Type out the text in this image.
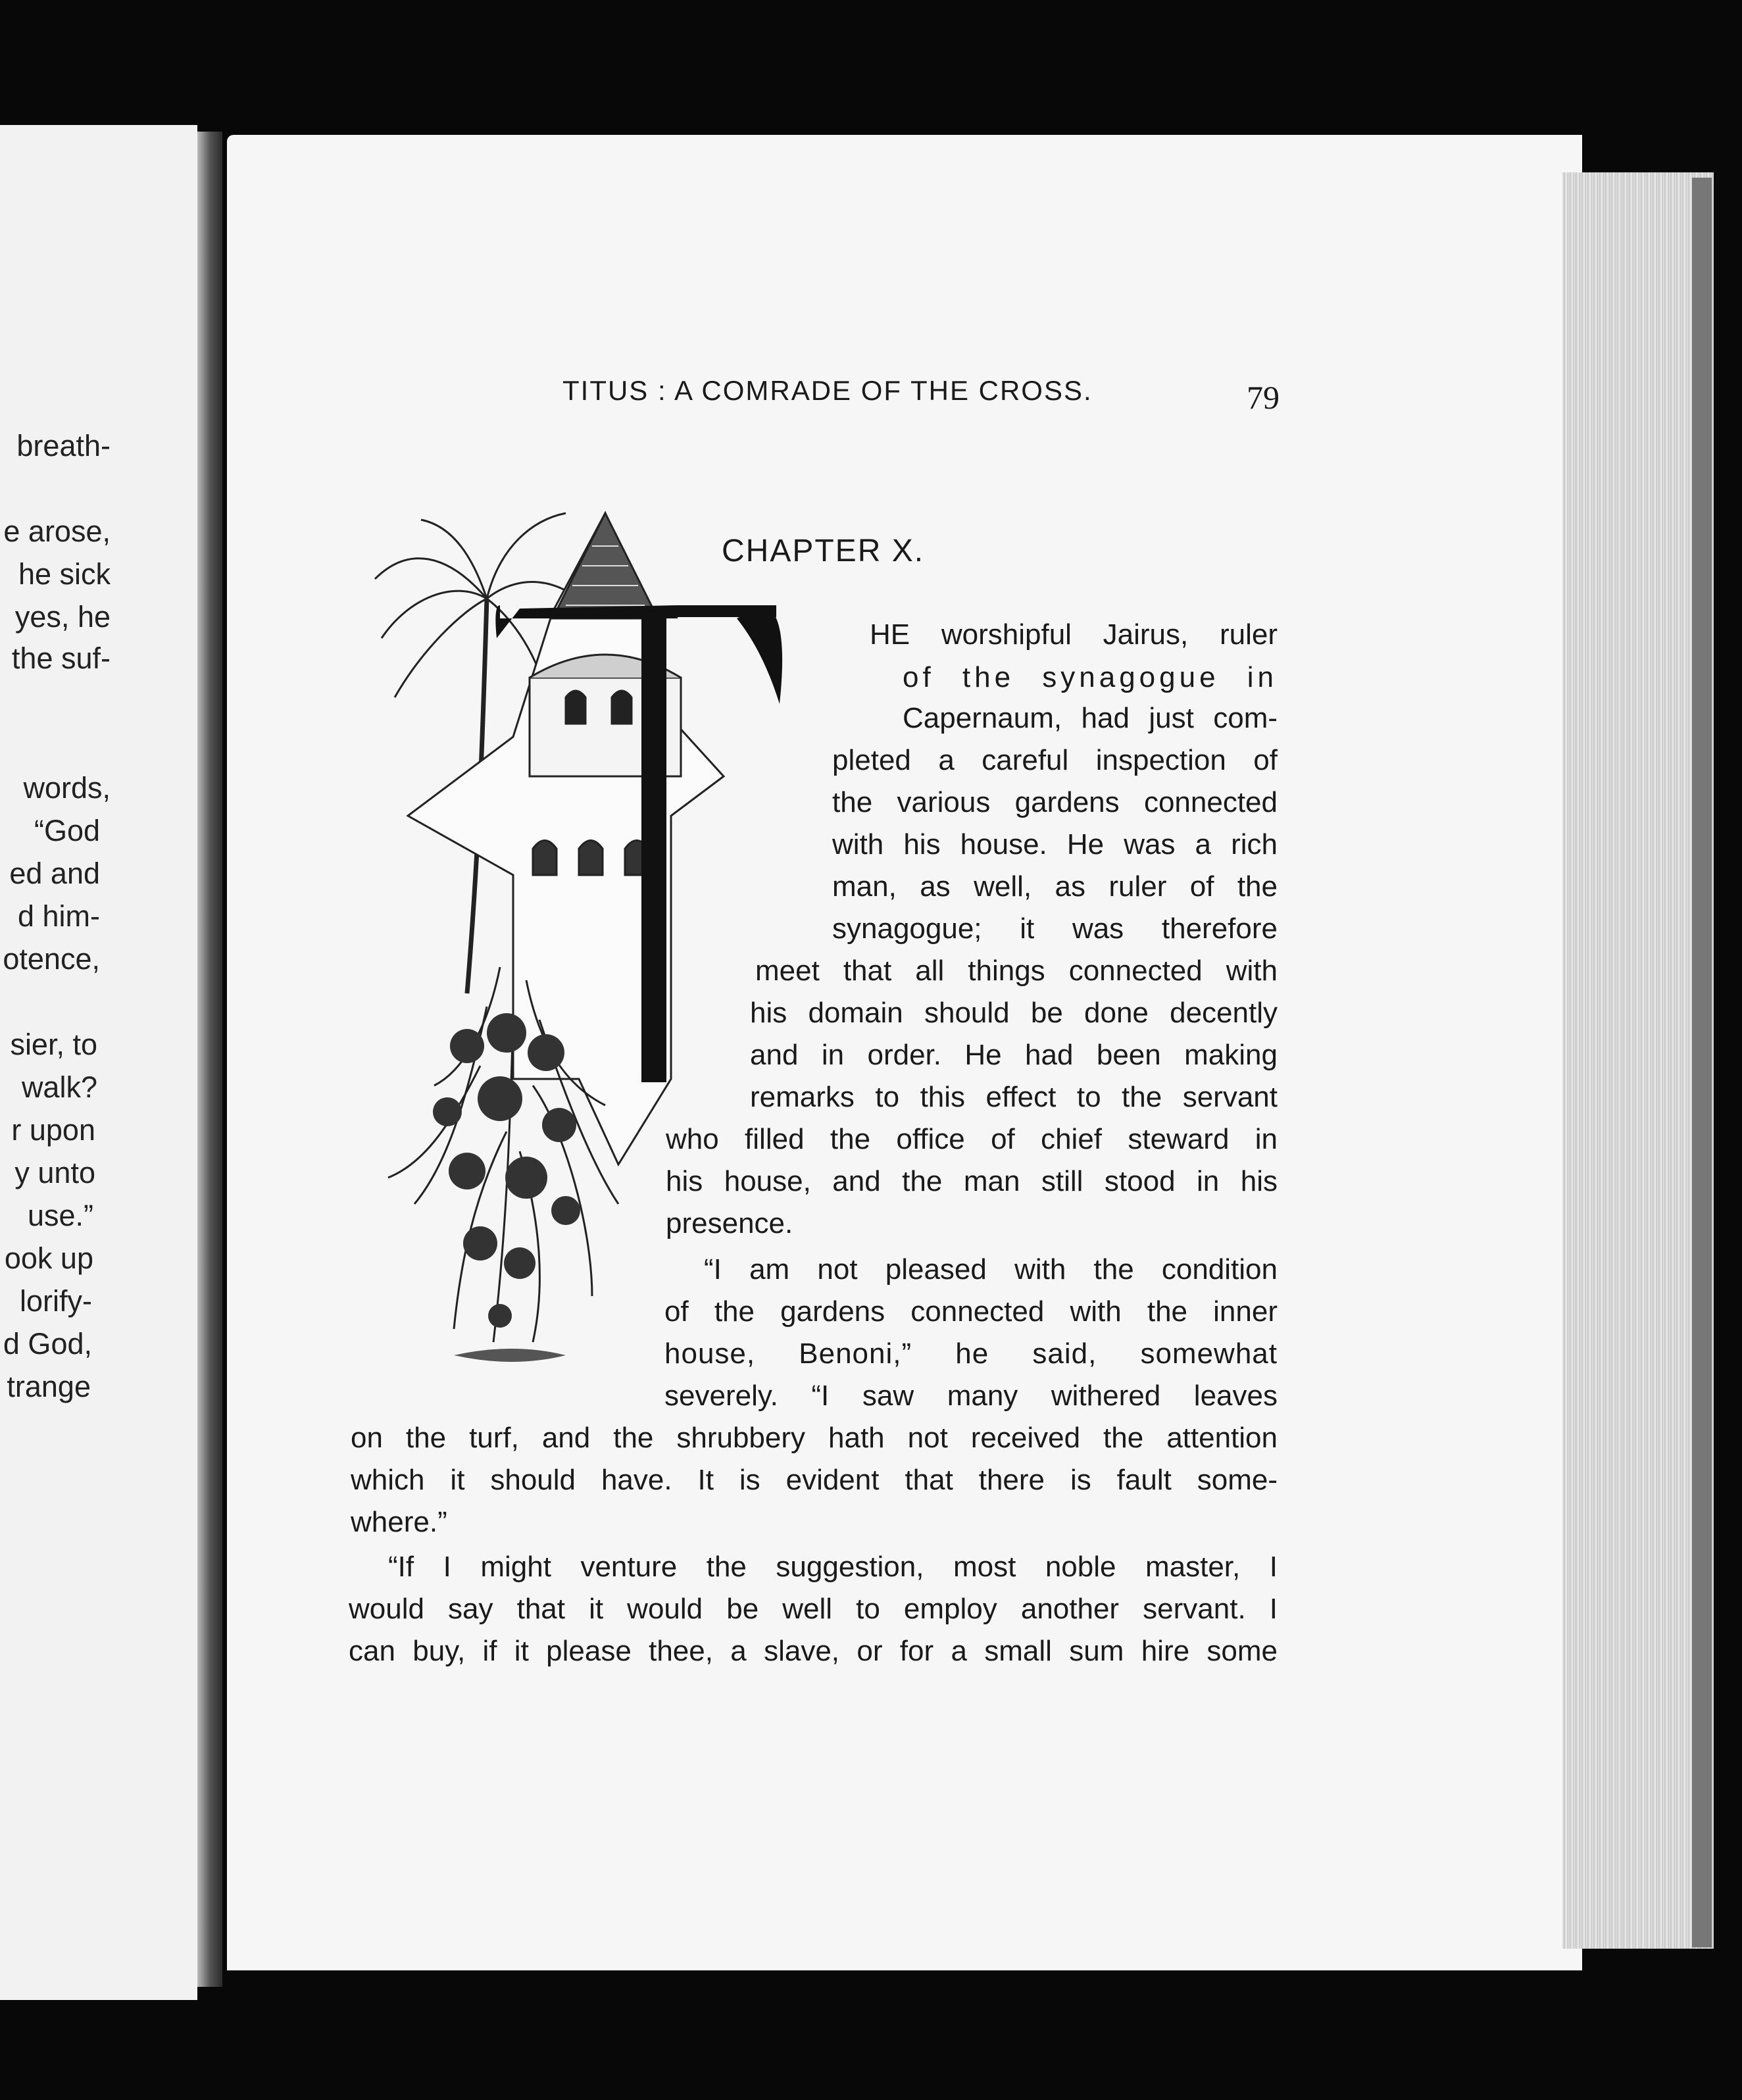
breath-
e arose,
he sick
yes, he
the suf-
words,
“God
ed and
d him-
otence,
sier, to
walk?
r upon
y unto
use.”
ook up
lorify-
d God,
trange
TITUS : A COMRADE OF THE CROSS.	79
CHAPTER X.
HE worshipful Jairus, ruler
of the synagogue in
Capernaum, had just com-
pleted a careful inspection of
the various gardens connected
with his house. He was a rich
man, as well, as ruler of the
synagogue; it was therefore
meet that all things connected with
his domain should be done decently
and in order. He had been making
remarks to this effect to the servant
who filled the office of chief steward in
his house, and the man still stood in his
presence.
“I am not pleased with the condition
of the gardens connected with the inner
house, Benoni,” he said, somewhat
severely. “I saw many withered leaves
on the turf, and the shrubbery hath not received the attention
which it should have. It is evident that there is fault some-
where.”
“If I might venture the suggestion, most noble master, I
would say that it would be well to employ another servant. I
can buy, if it please thee, a slave, or for a small sum hire some
